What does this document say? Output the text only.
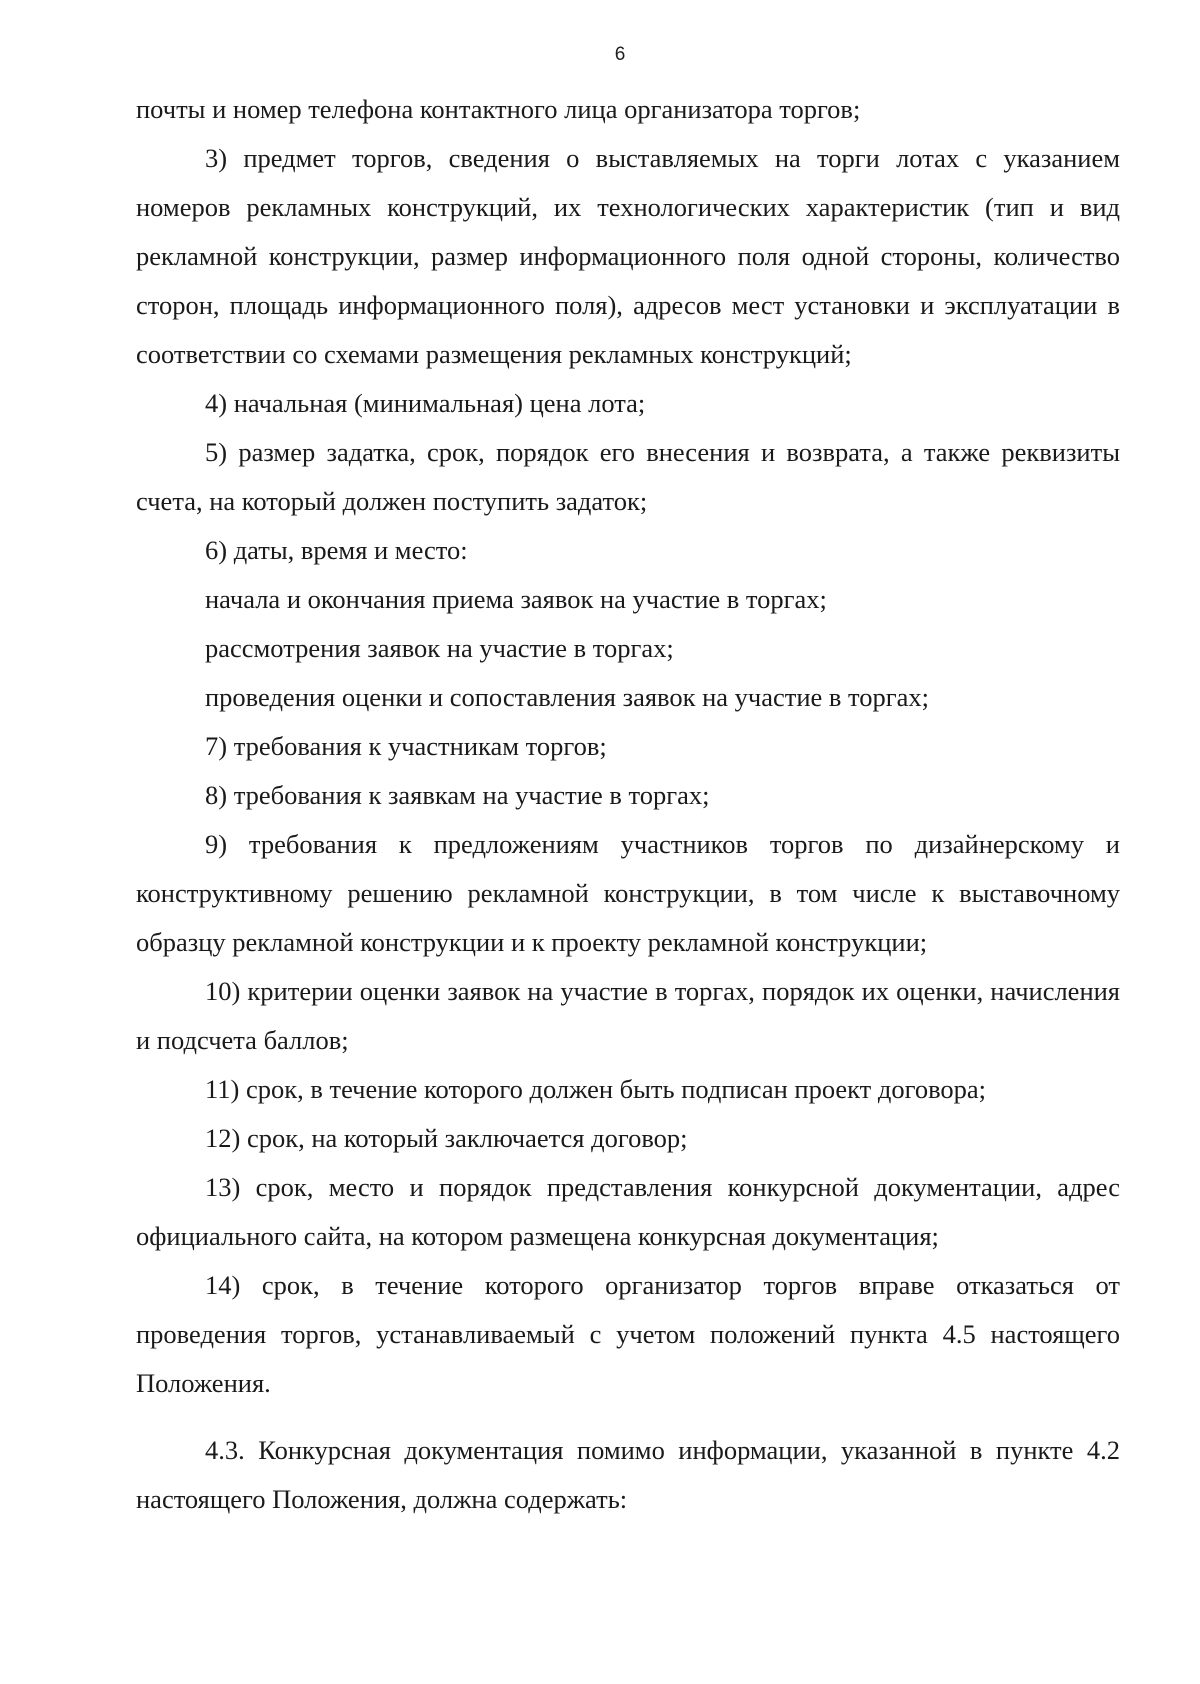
6

почты и номер телефона контактного лица организатора торгов;

3) предмет торгов, сведения о выставляемых на торги лотах с указанием номеров рекламных конструкций, их технологических характеристик (тип и вид рекламной конструкции, размер информационного поля одной стороны, количество сторон, площадь информационного поля), адресов мест установки и эксплуатации в соответствии со схемами размещения рекламных конструкций;

4) начальная (минимальная) цена лота;

5) размер задатка, срок, порядок его внесения и возврата, а также реквизиты счета, на который должен поступить задаток;

6) даты, время и место:

начала и окончания приема заявок на участие в торгах;

рассмотрения заявок на участие в торгах;

проведения оценки и сопоставления заявок на участие в торгах;

7) требования к участникам торгов;

8) требования к заявкам на участие в торгах;

9) требования к предложениям участников торгов по дизайнерскому и конструктивному решению рекламной конструкции, в том числе к выставочному образцу рекламной конструкции и к проекту рекламной конструкции;

10) критерии оценки заявок на участие в торгах, порядок их оценки, начисления и подсчета баллов;

11) срок, в течение которого должен быть подписан проект договора;

12) срок, на который заключается договор;

13) срок, место и порядок представления конкурсной документации, адрес официального сайта, на котором размещена конкурсная документация;

14) срок, в течение которого организатор торгов вправе отказаться от проведения торгов, устанавливаемый с учетом положений пункта 4.5 настоящего Положения.

4.3. Конкурсная документация помимо информации, указанной в пункте 4.2 настоящего Положения, должна содержать:
